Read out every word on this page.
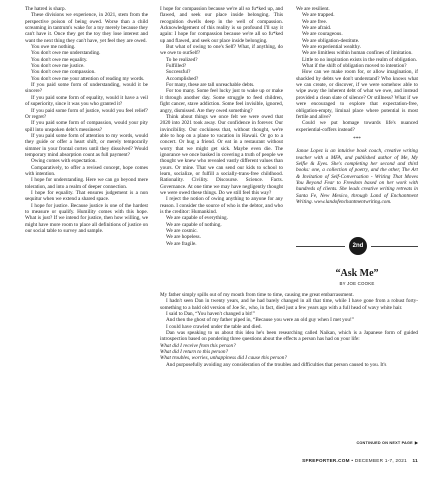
The hatred is sharp.

These divisions we experience, in 2021, stem from the perspective poison of being owed. Worse than a child screaming in tantrum's wake for a toy merely because they can't have it. Once they get the toy they lose interest and want the next thing they can't have, yet feel they are owed.

You owe me nothing.

You don't owe me understanding.

You don't owe me equality.

You don't owe me justice.

You don't owe me compassion.

You don't owe me your attention of reading my words.

If you paid some form of understanding, would it be sincere?

If you paid some form of equality, would it have a veil of superiority, since it was you who granted it?

If you paid some form of justice, would you feel relief? Or regret?

If you paid some form of compassion, would your pity spill into unspoken debt's messiness?

If you paid some form of attention to my words, would they guide or offer a heart shift, or merely temporarily simmer in your frontal cortex until they dissolved? Would temporary mind absorption count as full payment?

Owing comes with expectation.

Comparatively, to offer a revised concept, hope comes with intention.

I hope for understanding. Here we can go beyond mere toleration, and into a realm of deeper connection.

I hope for equality. That ensures judgement is a non sequitur when we extend a shared space.

I hope for justice. Because justice is one of the hardest to measure or qualify. Humility comes with this hope. What is just? If we intend for justice, then how willing, we might have more room to place all definitions of justice on our social table to survey and sample.

I hope for compassion because we're all so fu*ked up, and flawed, and seek our place inside belonging. This recognition dwells deep in the well of compassion. Acknowledgement of this reality is so profound I'll say it again: I hope for compassion because we're all so fu*ked up and flawed, and seek our place inside belonging.

But what of owing to one's Self? What, if anything, do we owe to ourSelf?

To be realized?

Fulfilled?

Successful?

Accomplished?

For many, these are tall unreachable debts.

For too many. Some feel lucky just to wake up or make it through another day. Some struggle to feed children, fight cancer, stave addiction. Some feel invisible, ignored, angry, dismissed. Are they owed something?

Think about things we once felt we were owed that 2020 into 2021 took away. Our confidence in forever. Our invincibility. Our cockiness that, without thought, we're able to hop on a plane to vacation in Hawaii. Or go to a concert. Or hug a friend. Or eat in a restaurant without worry that we might get sick. Maybe even die. The ignorance we once basked in covering a truth of people we thought we knew who revealed vastly different values than yours. Or mine. That we can send our kids to school to learn, socialize, or fulfill a socially-trans-free childhood. Rationality. Civility. Discourse. Science. Facts. Governance. At one time we may have negligently thought we were owed these things. Do we still feel this way?

I reject the notion of owing anything to anyone for any reason. I consider the source of who is the debtor, and who is the creditor: Humankind.

We are capable of everything.

We are capable of nothing.

We are cosmic.

We are hopeless.

We are fragile.

We are resilient.

We are trapped.

We are free.

We are afraid.

We are courageous.

We are obligation-destitute.

We are experiential wealthy.

We are limitless within human confines of limitation.

Little to no inspiration exists in the realm of obligation.

What if the shift of obligation moved to intention?

How can we make room for, or allow imagination, if shackled by debts we don't understand? Who knows what we can create, or discover, if we were somehow able to wipe away the inherent debt of what we owe, and instead provided a clean slate of silence? Or stillness? What if we were encouraged to explore that expectation-free, obligation-empty, liminal place where potential is most fertile and alive?

Could we put homage towards life's nuanced experiential-coffers instead?

***

Janae Lopez is an intuitive book coach, creative writing teacher with a MFA, and published author of Me, My Selfie & Eyes. She's completing her second and third books: one, a collection of poetry, and the other, The Art & Invitation of Self-Conversation - Writing That Moves You Beyond Fear to Freedom based on her work with hundreds of clients. She leads creative writing retreats in Santa Fe, New Mexico, through Land of Enchantment Writing. www.landofenchantmentwriting.com.

2nd
“Ask Me”
BY JOE COOKE

My father simply spills out of my mouth from time to time, causing me great embarrassment.

I hadn't seen Dan in twenty years, and he had barely changed in all that time, while I have gone from a robust forty-something to a bald old version of Joe Sr., who, in fact, died just a few years ago with a full head of wavy white hair.

I said to Dan, “You haven't changed a bit!”

And then the ghost of my father piped in, “Because you were an old guy when I met you!”

I could have crawled under the table and died.

Dan was speaking to us about this idea he's been researching called Naikan, which is a Japanese form of guided introspection based on pondering three questions about the effects a person has had on your life:

What did I receive from this person?

What did I return to this person?

What troubles, worries, unhappiness did I cause this person?

And purposefully avoiding any consideration of the troubles and difficulties that person caused to you. It's

CONTINUED ON NEXT PAGE ▶
SFREPORTER.COM • DECEMBER 1-7, 2021 11
